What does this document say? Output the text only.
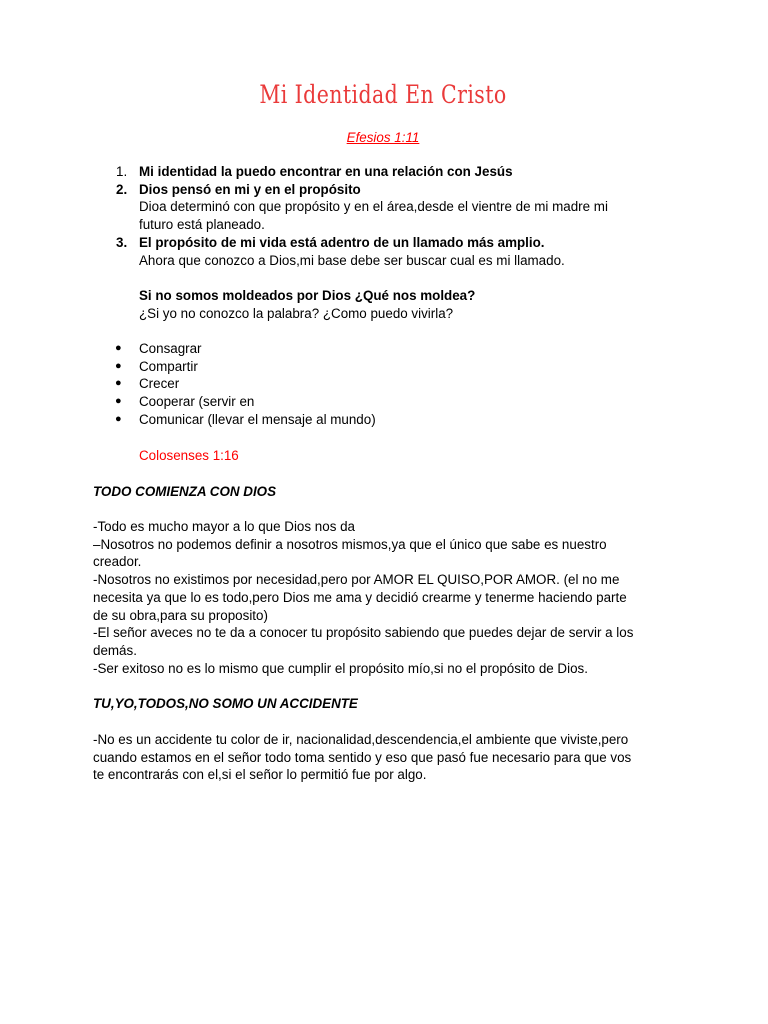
Mi Identidad En Cristo
Efesios 1:11
1. Mi identidad la puedo encontrar en una relación con Jesús
2. Dios pensó en mi y en el propósito
Dioa determinó con que propósito y en el área,desde el vientre de mi madre mi
futuro está planeado.
3. El propósito de mi vida está adentro de un llamado más amplio.
Ahora que conozco a Dios,mi base debe ser buscar cual es mi llamado.
Si no somos moldeados por Dios ¿Qué nos moldea?
¿Si yo no conozco la palabra? ¿Como puedo vivirla?
● Consagrar
● Compartir
● Crecer
● Cooperar (servir en
● Comunicar (llevar el mensaje al mundo)
Colosenses 1:16
TODO COMIENZA CON DIOS
-Todo es mucho mayor a lo que Dios nos da
–Nosotros no podemos definir a nosotros mismos,ya que el único que sabe es nuestro
creador.
-Nosotros no existimos por necesidad,pero por AMOR EL QUISO,POR AMOR. (el no me
necesita ya que lo es todo,pero Dios me ama y decidió crearme y tenerme haciendo parte
de su obra,para su proposito)
-El señor aveces no te da a conocer tu propósito sabiendo que puedes dejar de servir a los
demás.
-Ser exitoso no es lo mismo que cumplir el propósito mío,si no el propósito de Dios.
TU,YO,TODOS,NO SOMO UN ACCIDENTE
-No es un accidente tu color de ir, nacionalidad,descendencia,el ambiente que viviste,pero
cuando estamos en el señor todo toma sentido y eso que pasó fue necesario para que vos
te encontrarás con el,si el señor lo permitió fue por algo.
